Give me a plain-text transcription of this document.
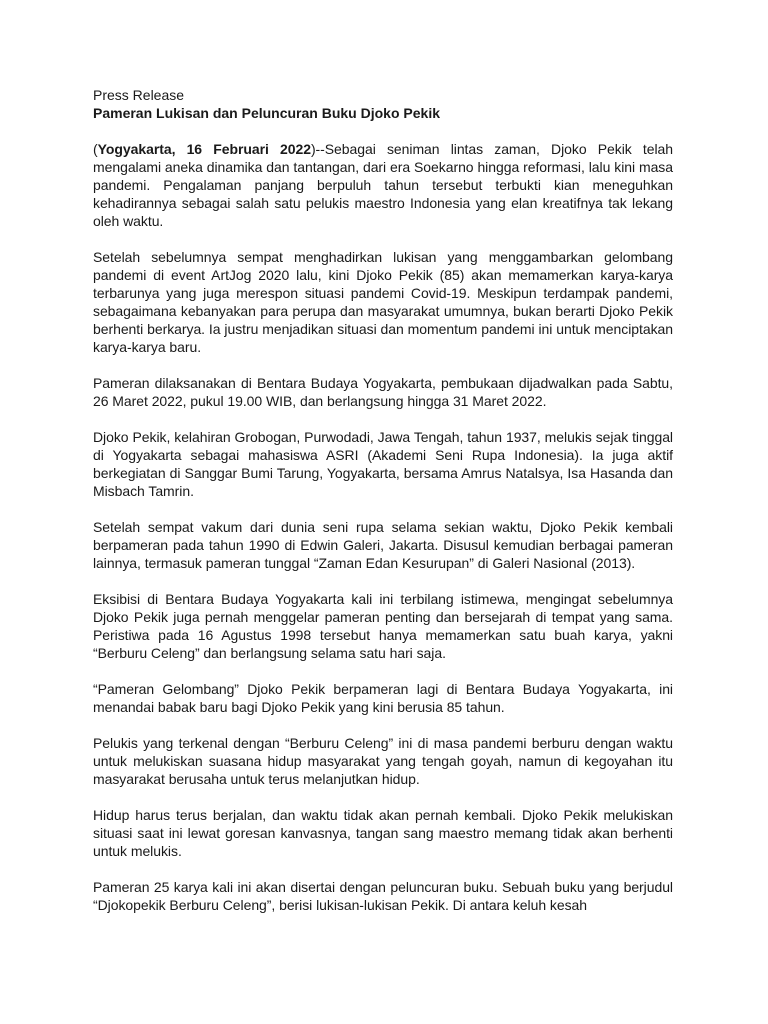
Press Release

Pameran Lukisan dan Peluncuran Buku Djoko Pekik

(Yogyakarta, 16 Februari 2022)--Sebagai seniman lintas zaman, Djoko Pekik telah mengalami aneka dinamika dan tantangan, dari era Soekarno hingga reformasi, lalu kini masa pandemi. Pengalaman panjang berpuluh tahun tersebut terbukti kian meneguhkan kehadirannya sebagai salah satu pelukis maestro Indonesia yang elan kreatifnya tak lekang oleh waktu.

Setelah sebelumnya sempat menghadirkan lukisan yang menggambarkan gelombang pandemi di event ArtJog 2020 lalu, kini Djoko Pekik (85) akan memamerkan karya-karya terbarunya yang juga merespon situasi pandemi Covid-19. Meskipun terdampak pandemi, sebagaimana kebanyakan para perupa dan masyarakat umumnya, bukan berarti Djoko Pekik berhenti berkarya. Ia justru menjadikan situasi dan momentum pandemi ini untuk menciptakan karya-karya baru.

Pameran dilaksanakan di Bentara Budaya Yogyakarta, pembukaan dijadwalkan pada Sabtu, 26 Maret 2022, pukul 19.00 WIB, dan berlangsung hingga 31 Maret 2022.

Djoko Pekik, kelahiran Grobogan, Purwodadi, Jawa Tengah, tahun 1937, melukis sejak tinggal di Yogyakarta sebagai mahasiswa ASRI (Akademi Seni Rupa Indonesia). Ia juga aktif berkegiatan di Sanggar Bumi Tarung, Yogyakarta, bersama Amrus Natalsya, Isa Hasanda dan Misbach Tamrin.

Setelah sempat vakum dari dunia seni rupa selama sekian waktu, Djoko Pekik kembali berpameran pada tahun 1990 di Edwin Galeri, Jakarta. Disusul kemudian berbagai pameran lainnya, termasuk pameran tunggal “Zaman Edan Kesurupan” di Galeri Nasional (2013).

Eksibisi di Bentara Budaya Yogyakarta kali ini terbilang istimewa, mengingat sebelumnya Djoko Pekik juga pernah menggelar pameran penting dan bersejarah di tempat yang sama. Peristiwa pada 16 Agustus 1998 tersebut hanya memamerkan satu buah karya, yakni “Berburu Celeng” dan berlangsung selama satu hari saja.

“Pameran Gelombang” Djoko Pekik berpameran lagi di Bentara Budaya Yogyakarta, ini menandai babak baru bagi Djoko Pekik yang kini berusia 85 tahun.

Pelukis yang terkenal dengan “Berburu Celeng” ini di masa pandemi berburu dengan waktu untuk melukiskan suasana hidup masyarakat yang tengah goyah, namun di kegoyahan itu masyarakat berusaha untuk terus melanjutkan hidup.

Hidup harus terus berjalan, dan waktu tidak akan pernah kembali. Djoko Pekik melukiskan situasi saat ini lewat goresan kanvasnya, tangan sang maestro memang tidak akan berhenti untuk melukis.

Pameran 25 karya kali ini akan disertai dengan peluncuran buku. Sebuah buku yang berjudul “Djokopekik Berburu Celeng”, berisi lukisan-lukisan Pekik. Di antara keluh kesah
